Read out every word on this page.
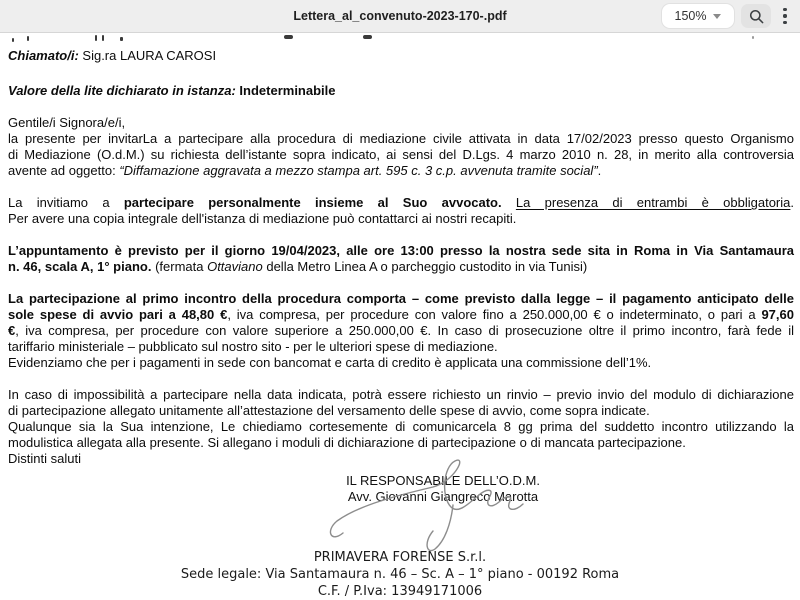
Lettera_al_convenuto-2023-170-.pdf	150%
Chiamato/i: Sig.ra LAURA CAROSI
Valore della lite dichiarato in istanza: Indeterminabile
Gentile/i Signora/e/i,
la presente per invitarLa a partecipare alla procedura di mediazione civile attivata in data 17/02/2023 presso questo Organismo
di Mediazione (O.d.M.) su richiesta dell’istante sopra indicato, ai sensi del D.Lgs. 4 marzo 2010 n. 28, in merito alla controversia
avente ad oggetto: “Diffamazione aggravata a mezzo stampa art. 595 c. 3 c.p. avvenuta tramite social”.
La invitiamo a partecipare personalmente insieme al Suo avvocato. La presenza di entrambi è obbligatoria.
Per avere una copia integrale dell'istanza di mediazione può contattarci ai nostri recapiti.
L’appuntamento è previsto per il giorno 19/04/2023, alle ore 13:00 presso la nostra sede sita in Roma in Via Santamaura
n. 46, scala A, 1° piano. (fermata Ottaviano della Metro Linea A o parcheggio custodito in via Tunisi)
La partecipazione al primo incontro della procedura comporta – come previsto dalla legge – il pagamento anticipato delle
sole spese di avvio pari a 48,80 €, iva compresa, per procedure con valore fino a 250.000,00 € o indeterminato, o pari a 97,60
€, iva compresa, per procedure con valore superiore a 250.000,00 €. In caso di prosecuzione oltre il primo incontro, farà fede il
tariffario ministeriale – pubblicato sul nostro sito - per le ulteriori spese di mediazione.
Evidenziamo che per i pagamenti in sede con bancomat e carta di credito è applicata una commissione dell’1%.
In caso di impossibilità a partecipare nella data indicata, potrà essere richiesto un rinvio – previo invio del modulo di dichiarazione
di partecipazione allegato unitamente all’attestazione del versamento delle spese di avvio, come sopra indicate.
Qualunque sia la Sua intenzione, Le chiediamo cortesemente di comunicarcela 8 gg prima del suddetto incontro utilizzando la
modulistica allegata alla presente. Si allegano i moduli di dichiarazione di partecipazione o di mancata partecipazione.
Distinti saluti
IL RESPONSABILE DELL’O.D.M.
Avv. Giovanni Giangreco Marotta
PRIMAVERA FORENSE S.r.l.
Sede legale: Via Santamaura n. 46 – Sc. A – 1° piano - 00192 Roma
C.F. / P.Iva: 13949171006
